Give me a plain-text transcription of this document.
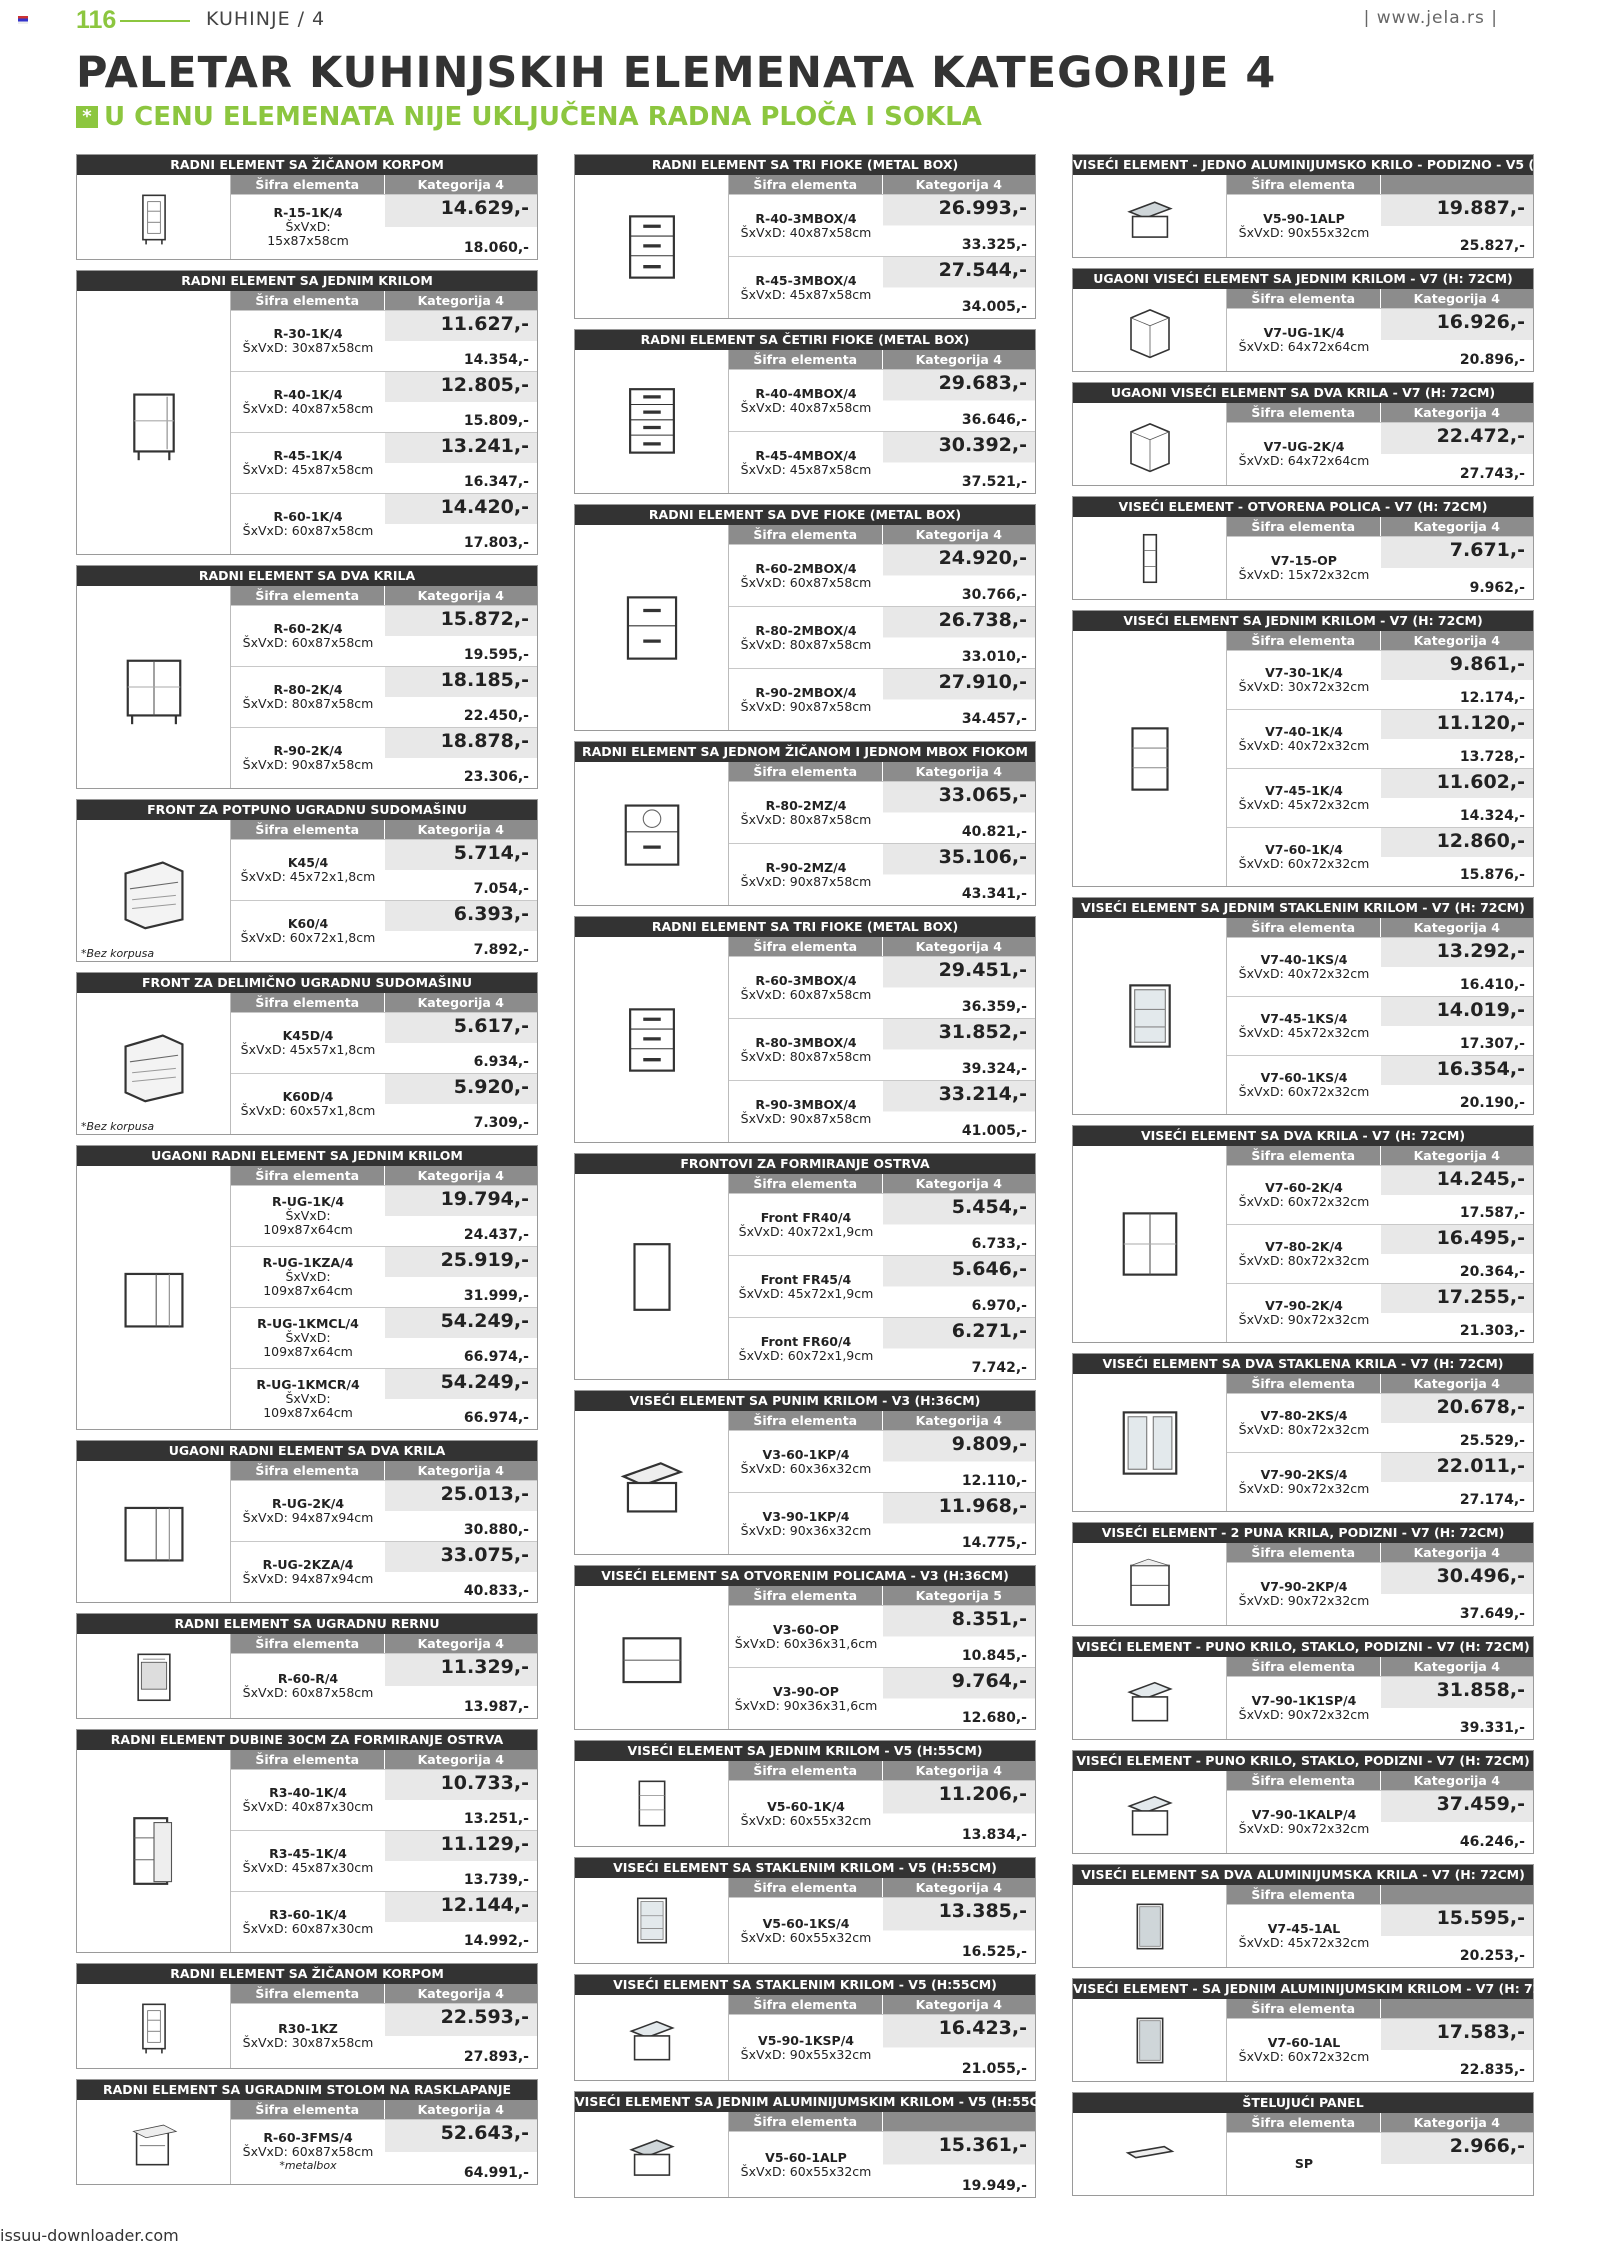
116	KUHINJE / 4	| www.jela.rs |
PALETAR KUHINJSKIH ELEMENATA KATEGORIJE 4
* U CENU ELEMENATA NIJE UKLJUČENA RADNA PLOČA I SOKLA
RADNI ELEMENT SA ŽIČANOM KORPOM
Šifra elementa	Kategorija 4
R-15-1K/4
ŠxVxD:
15x87x58cm
14.629,-
18.060,-
RADNI ELEMENT SA JEDNIM KRILOM
Šifra elementa	Kategorija 4
R-30-1K/4
ŠxVxD: 30x87x58cm
11.627,-
14.354,-
R-40-1K/4
ŠxVxD: 40x87x58cm
12.805,-
15.809,-
R-45-1K/4
ŠxVxD: 45x87x58cm
13.241,-
16.347,-
R-60-1K/4
ŠxVxD: 60x87x58cm
14.420,-
17.803,-
RADNI ELEMENT SA DVA KRILA
Šifra elementa	Kategorija 4
R-60-2K/4
ŠxVxD: 60x87x58cm
15.872,-
19.595,-
R-80-2K/4
ŠxVxD: 80x87x58cm
18.185,-
22.450,-
R-90-2K/4
ŠxVxD: 90x87x58cm
18.878,-
23.306,-
FRONT ZA POTPUNO UGRADNU SUDOMAŠINU
*Bez korpusa
Šifra elementa	Kategorija 4
K45/4
ŠxVxD: 45x72x1,8cm
5.714,-
7.054,-
K60/4
ŠxVxD: 60x72x1,8cm
6.393,-
7.892,-
FRONT ZA DELIMIČNO UGRADNU SUDOMAŠINU
*Bez korpusa
Šifra elementa	Kategorija 4
K45D/4
ŠxVxD: 45x57x1,8cm
5.617,-
6.934,-
K60D/4
ŠxVxD: 60x57x1,8cm
5.920,-
7.309,-
UGAONI RADNI ELEMENT SA JEDNIM KRILOM
Šifra elementa	Kategorija 4
R-UG-1K/4
ŠxVxD:
109x87x64cm
19.794,-
24.437,-
R-UG-1KZA/4
ŠxVxD:
109x87x64cm
25.919,-
31.999,-
R-UG-1KMCL/4
ŠxVxD:
109x87x64cm
54.249,-
66.974,-
R-UG-1KMCR/4
ŠxVxD:
109x87x64cm
54.249,-
66.974,-
UGAONI RADNI ELEMENT SA DVA KRILA
Šifra elementa	Kategorija 4
R-UG-2K/4
ŠxVxD: 94x87x94cm
25.013,-
30.880,-
R-UG-2KZA/4
ŠxVxD: 94x87x94cm
33.075,-
40.833,-
RADNI ELEMENT SA UGRADNU RERNU
Šifra elementa	Kategorija 4
R-60-R/4
ŠxVxD: 60x87x58cm
11.329,-
13.987,-
RADNI ELEMENT DUBINE 30CM ZA FORMIRANJE OSTRVA
Šifra elementa	Kategorija 4
R3-40-1K/4
ŠxVxD: 40x87x30cm
10.733,-
13.251,-
R3-45-1K/4
ŠxVxD: 45x87x30cm
11.129,-
13.739,-
R3-60-1K/4
ŠxVxD: 60x87x30cm
12.144,-
14.992,-
RADNI ELEMENT SA ŽIČANOM KORPOM
Šifra elementa	Kategorija 4
R30-1KZ
ŠxVxD: 30x87x58cm
22.593,-
27.893,-
RADNI ELEMENT SA UGRADNIM STOLOM NA RASKLAPANJE
Šifra elementa	Kategorija 4
R-60-3FMS/4
ŠxVxD: 60x87x58cm
*metalbox
52.643,-
64.991,-
RADNI ELEMENT SA TRI FIOKE (METAL BOX)
Šifra elementa	Kategorija 4
R-40-3MBOX/4
ŠxVxD: 40x87x58cm
26.993,-
33.325,-
R-45-3MBOX/4
ŠxVxD: 45x87x58cm
27.544,-
34.005,-
RADNI ELEMENT SA ČETIRI FIOKE (METAL BOX)
Šifra elementa	Kategorija 4
R-40-4MBOX/4
ŠxVxD: 40x87x58cm
29.683,-
36.646,-
R-45-4MBOX/4
ŠxVxD: 45x87x58cm
30.392,-
37.521,-
RADNI ELEMENT SA DVE FIOKE (METAL BOX)
Šifra elementa	Kategorija 4
R-60-2MBOX/4
ŠxVxD: 60x87x58cm
24.920,-
30.766,-
R-80-2MBOX/4
ŠxVxD: 80x87x58cm
26.738,-
33.010,-
R-90-2MBOX/4
ŠxVxD: 90x87x58cm
27.910,-
34.457,-
RADNI ELEMENT SA JEDNOM ŽIČANOM I JEDNOM MBOX FIOKOM
Šifra elementa	Kategorija 4
R-80-2MZ/4
ŠxVxD: 80x87x58cm
33.065,-
40.821,-
R-90-2MZ/4
ŠxVxD: 90x87x58cm
35.106,-
43.341,-
RADNI ELEMENT SA TRI FIOKE (METAL BOX)
Šifra elementa	Kategorija 4
R-60-3MBOX/4
ŠxVxD: 60x87x58cm
29.451,-
36.359,-
R-80-3MBOX/4
ŠxVxD: 80x87x58cm
31.852,-
39.324,-
R-90-3MBOX/4
ŠxVxD: 90x87x58cm
33.214,-
41.005,-
FRONTOVI ZA FORMIRANJE OSTRVA
Šifra elementa	Kategorija 4
Front FR40/4
ŠxVxD: 40x72x1,9cm
5.454,-
6.733,-
Front FR45/4
ŠxVxD: 45x72x1,9cm
5.646,-
6.970,-
Front FR60/4
ŠxVxD: 60x72x1,9cm
6.271,-
7.742,-
VISEĆI ELEMENT SA PUNIM KRILOM - V3 (H:36CM)
Šifra elementa	Kategorija 4
V3-60-1KP/4
ŠxVxD: 60x36x32cm
9.809,-
12.110,-
V3-90-1KP/4
ŠxVxD: 90x36x32cm
11.968,-
14.775,-
VISEĆI ELEMENT SA OTVORENIM POLICAMA - V3 (H:36CM)
Šifra elementa	Kategorija 5
V3-60-OP
ŠxVxD: 60x36x31,6cm
8.351,-
10.845,-
V3-90-OP
ŠxVxD: 90x36x31,6cm
9.764,-
12.680,-
VISEĆI ELEMENT SA JEDNIM KRILOM - V5 (H:55CM)
Šifra elementa	Kategorija 4
V5-60-1K/4
ŠxVxD: 60x55x32cm
11.206,-
13.834,-
VISEĆI ELEMENT SA STAKLENIM KRILOM - V5 (H:55CM)
Šifra elementa	Kategorija 4
V5-60-1KS/4
ŠxVxD: 60x55x32cm
13.385,-
16.525,-
VISEĆI ELEMENT SA STAKLENIM KRILOM - V5 (H:55CM)
Šifra elementa	Kategorija 4
V5-90-1KSP/4
ŠxVxD: 90x55x32cm
16.423,-
21.055,-
VISEĆI ELEMENT SA JEDNIM ALUMINIJUMSKIM KRILOM - V5 (H:55CM)
Šifra elementa
V5-60-1ALP
ŠxVxD: 60x55x32cm
15.361,-
19.949,-
VISEĆI ELEMENT - JEDNO ALUMINIJUMSKO KRILO - PODIZNO - V5 (H: 55CM)
Šifra elementa
V5-90-1ALP
ŠxVxD: 90x55x32cm
19.887,-
25.827,-
UGAONI VISEĆI ELEMENT SA JEDNIM KRILOM - V7 (H: 72CM)
Šifra elementa	Kategorija 4
V7-UG-1K/4
ŠxVxD: 64x72x64cm
16.926,-
20.896,-
UGAONI VISEĆI ELEMENT SA DVA KRILA - V7 (H: 72CM)
Šifra elementa	Kategorija 4
V7-UG-2K/4
ŠxVxD: 64x72x64cm
22.472,-
27.743,-
VISEĆI ELEMENT - OTVORENA POLICA - V7 (H: 72CM)
Šifra elementa	Kategorija 4
V7-15-OP
ŠxVxD: 15x72x32cm
7.671,-
9.962,-
VISEĆI ELEMENT SA JEDNIM KRILOM - V7 (H: 72CM)
Šifra elementa	Kategorija 4
V7-30-1K/4
ŠxVxD: 30x72x32cm
9.861,-
12.174,-
V7-40-1K/4
ŠxVxD: 40x72x32cm
11.120,-
13.728,-
V7-45-1K/4
ŠxVxD: 45x72x32cm
11.602,-
14.324,-
V7-60-1K/4
ŠxVxD: 60x72x32cm
12.860,-
15.876,-
VISEĆI ELEMENT SA JEDNIM STAKLENIM KRILOM - V7 (H: 72CM)
Šifra elementa	Kategorija 4
V7-40-1KS/4
ŠxVxD: 40x72x32cm
13.292,-
16.410,-
V7-45-1KS/4
ŠxVxD: 45x72x32cm
14.019,-
17.307,-
V7-60-1KS/4
ŠxVxD: 60x72x32cm
16.354,-
20.190,-
VISEĆI ELEMENT SA DVA KRILA - V7 (H: 72CM)
Šifra elementa	Kategorija 4
V7-60-2K/4
ŠxVxD: 60x72x32cm
14.245,-
17.587,-
V7-80-2K/4
ŠxVxD: 80x72x32cm
16.495,-
20.364,-
V7-90-2K/4
ŠxVxD: 90x72x32cm
17.255,-
21.303,-
VISEĆI ELEMENT SA DVA STAKLENA KRILA - V7 (H: 72CM)
Šifra elementa	Kategorija 4
V7-80-2KS/4
ŠxVxD: 80x72x32cm
20.678,-
25.529,-
V7-90-2KS/4
ŠxVxD: 90x72x32cm
22.011,-
27.174,-
VISEĆI ELEMENT - 2 PUNA KRILA, PODIZNI - V7 (H: 72CM)
Šifra elementa	Kategorija 4
V7-90-2KP/4
ŠxVxD: 90x72x32cm
30.496,-
37.649,-
VISEĆI ELEMENT - PUNO KRILO, STAKLO, PODIZNI - V7 (H: 72CM)
Šifra elementa	Kategorija 4
V7-90-1K1SP/4
ŠxVxD: 90x72x32cm
31.858,-
39.331,-
VISEĆI ELEMENT - PUNO KRILO, STAKLO, PODIZNI - V7 (H: 72CM)
Šifra elementa	Kategorija 4
V7-90-1KALP/4
ŠxVxD: 90x72x32cm
37.459,-
46.246,-
VISEĆI ELEMENT SA DVA ALUMINIJUMSKA KRILA - V7 (H: 72CM)
Šifra elementa
V7-45-1AL
ŠxVxD: 45x72x32cm
15.595,-
20.253,-
VISEĆI ELEMENT - SA JEDNIM ALUMINIJUMSKIM KRILOM - V7 (H: 72CM)
Šifra elementa
V7-60-1AL
ŠxVxD: 60x72x32cm
17.583,-
22.835,-
ŠTELUJUĆI PANEL
Šifra elementa	Kategorija 4
SP
2.966,-
issuu-downloader.com
